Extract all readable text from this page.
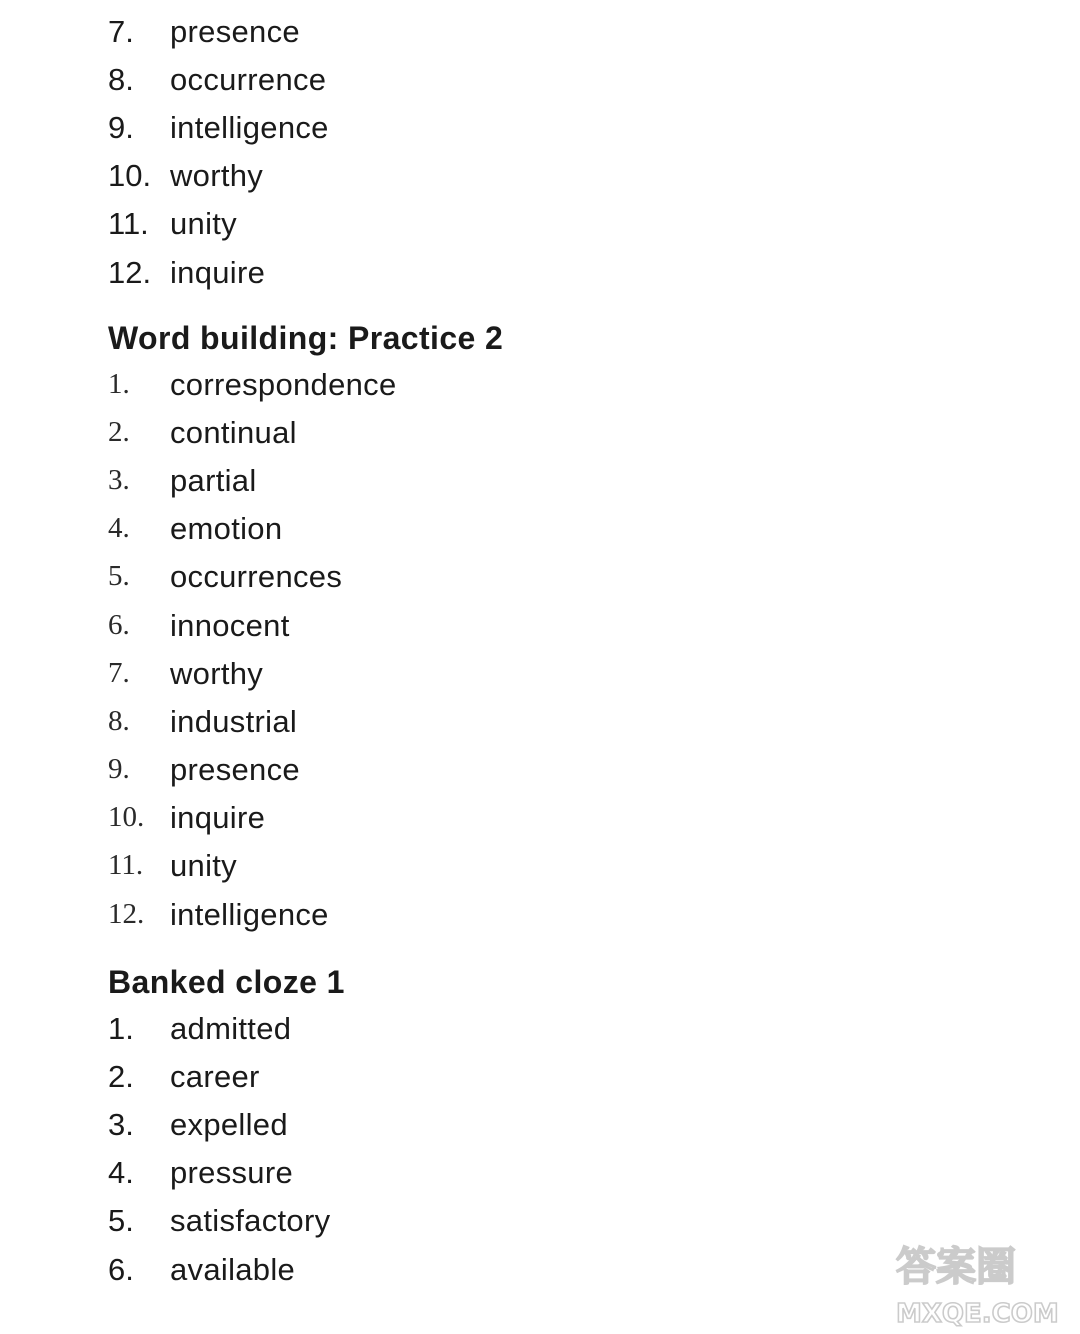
7.	presence
8.	occurrence
9.	intelligence
10. worthy
11. unity
12. inquire
Word building: Practice 2
1.	correspondence
2.	continual
3.	partial
4.	emotion
5.	occurrences
6.	innocent
7.	worthy
8.	industrial
9.	presence
10. inquire
11. unity
12. intelligence
Banked cloze 1
1.	admitted
2.	career
3.	expelled
4.	pressure
5.	satisfactory
6.	available	答案圈
MXQE.COM
